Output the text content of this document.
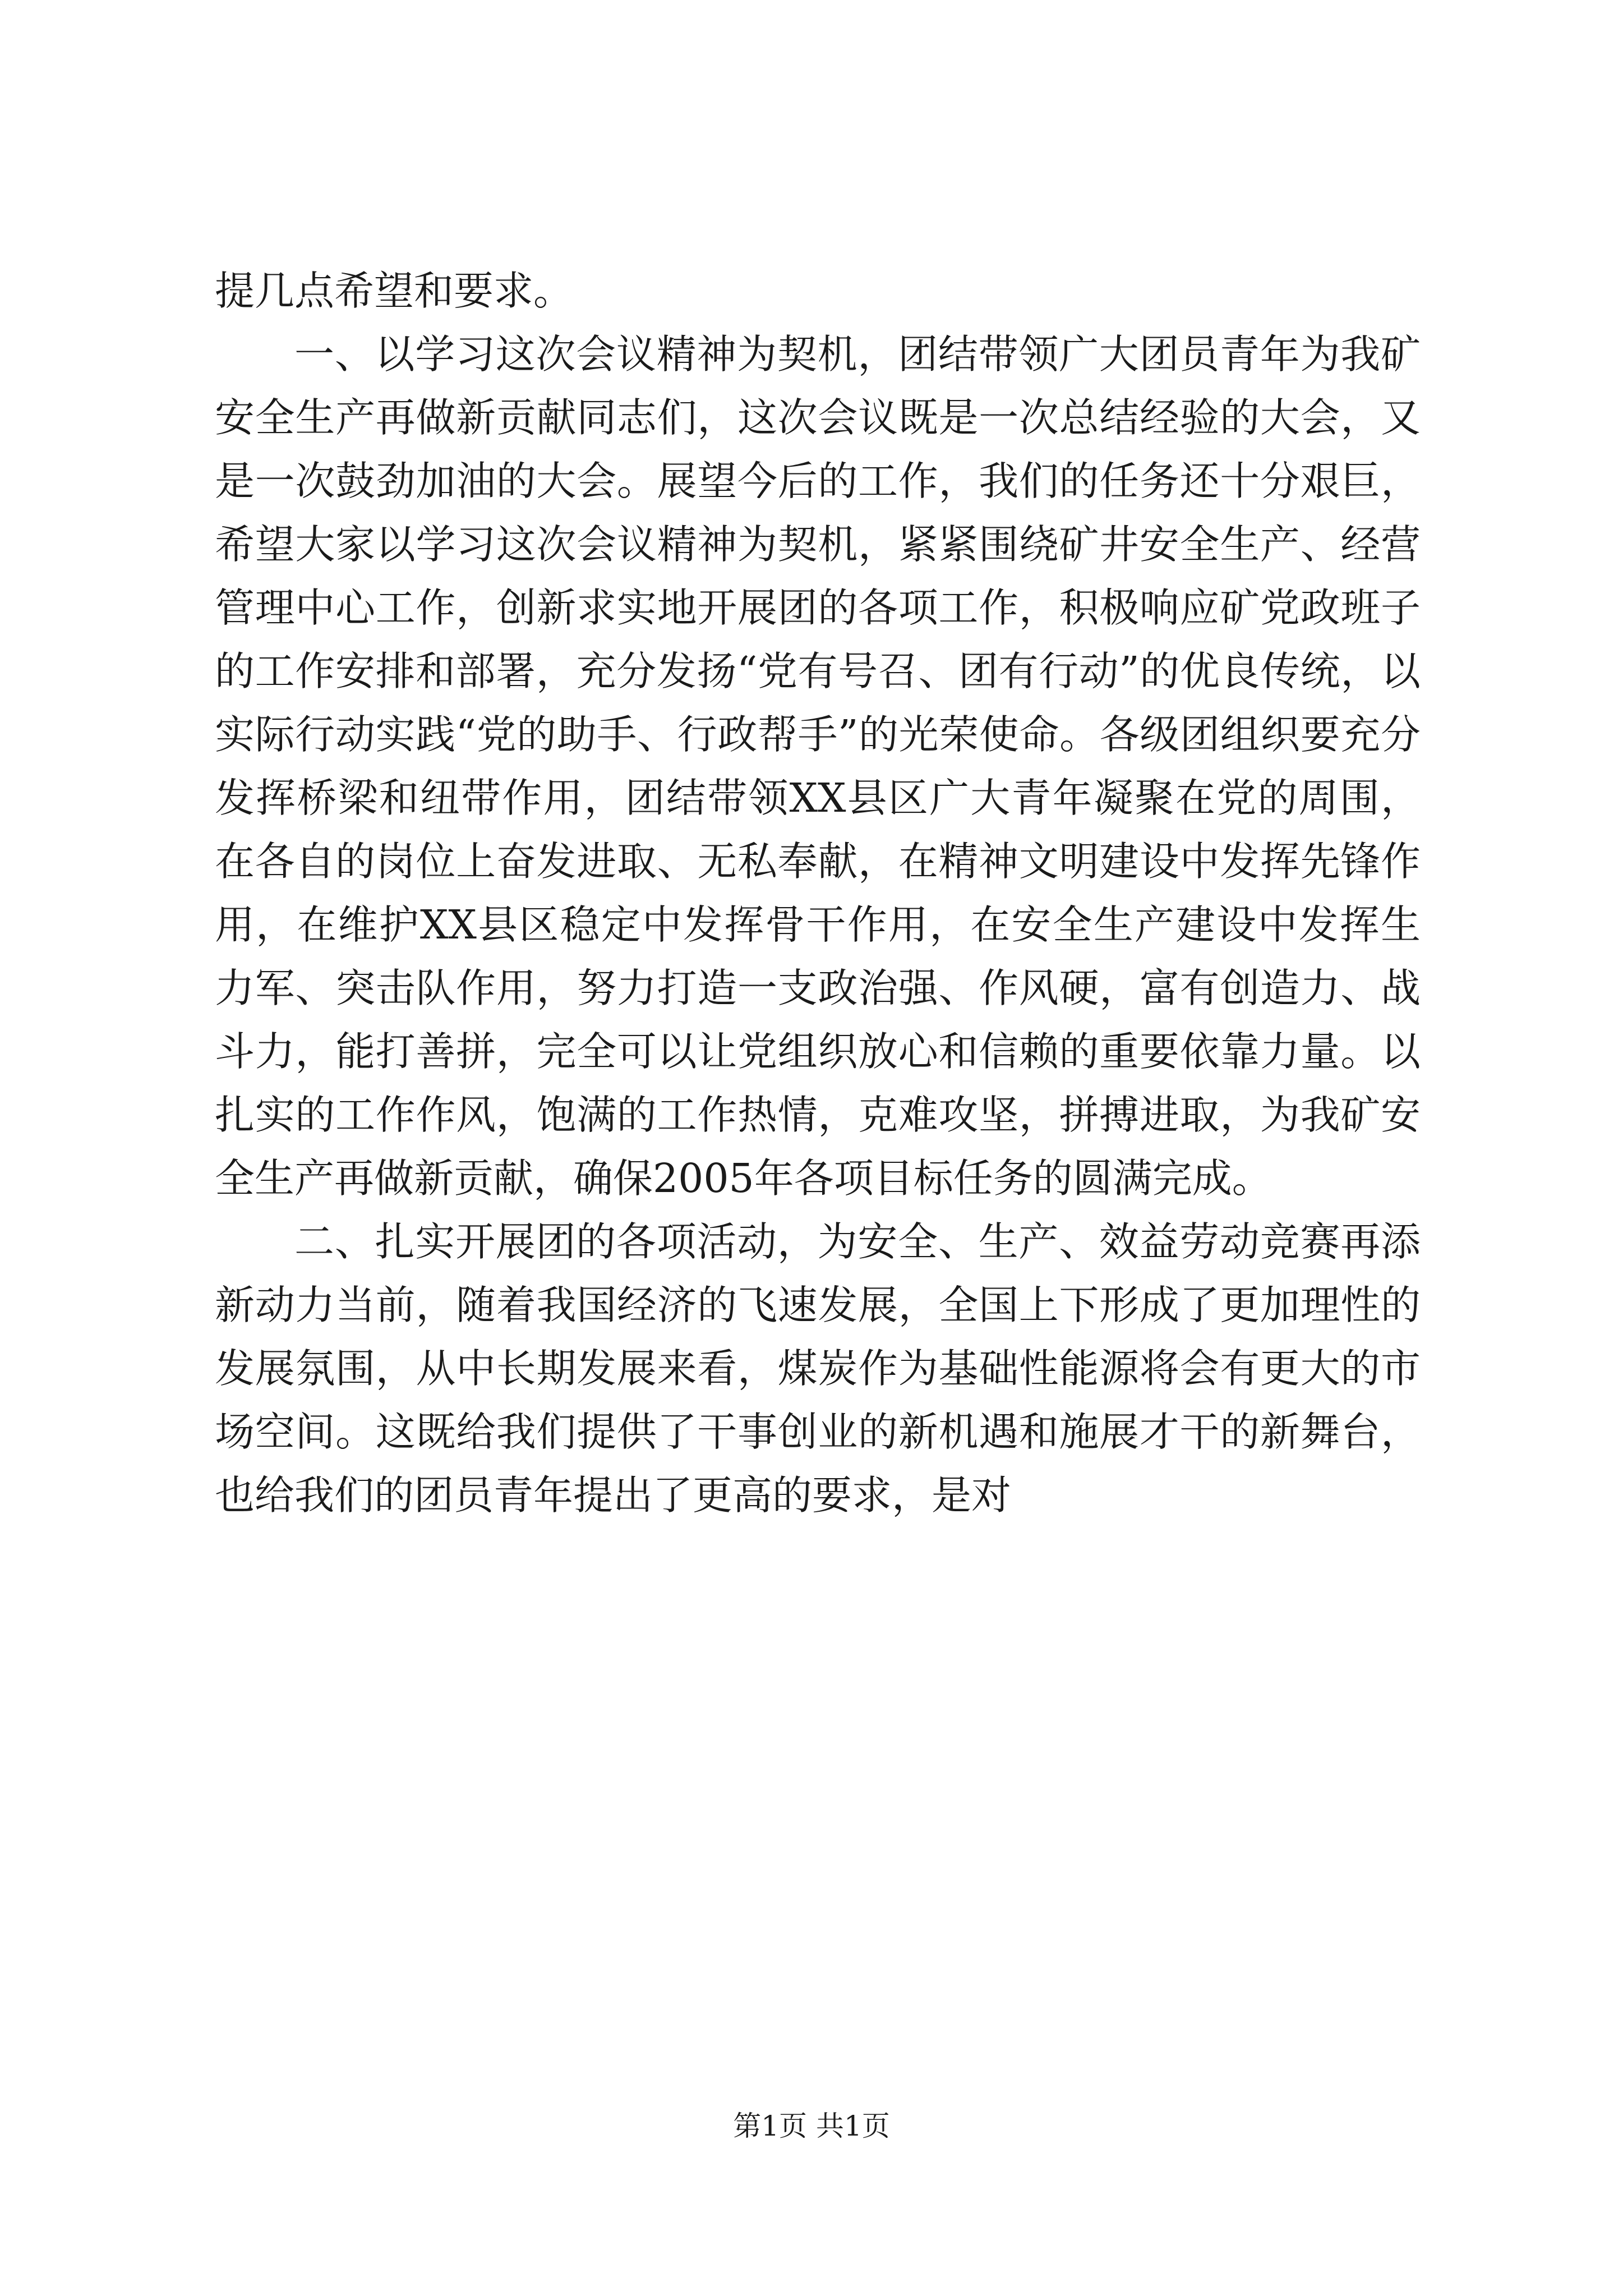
提几点希望和要求。

一、以学习这次会议精神为契机，团结带领广大团员青年为我矿安全生产再做新贡献同志们，这次会议既是一次总结经验的大会，又是一次鼓劲加油的大会。展望今后的工作，我们的任务还十分艰巨，希望大家以学习这次会议精神为契机，紧紧围绕矿井安全生产、经营管理中心工作，创新求实地开展团的各项工作，积极响应矿党政班子的工作安排和部署，充分发扬“党有号召、团有行动”的优良传统，以实际行动实践“党的助手、行政帮手”的光荣使命。各级团组织要充分发挥桥梁和纽带作用，团结带领XX县区广大青年凝聚在党的周围，在各自的岗位上奋发进取、无私奉献，在精神文明建设中发挥先锋作用，在维护XX县区稳定中发挥骨干作用，在安全生产建设中发挥生力军、突击队作用，努力打造一支政治强、作风硬，富有创造力、战斗力，能打善拼，完全可以让党组织放心和信赖的重要依靠力量。以扎实的工作作风，饱满的工作热情，克难攻坚，拼搏进取，为我矿安全生产再做新贡献，确保2005年各项目标任务的圆满完成。

二、扎实开展团的各项活动，为安全、生产、效益劳动竞赛再添新动力当前，随着我国经济的飞速发展，全国上下形成了更加理性的发展氛围，从中长期发展来看，煤炭作为基础性能源将会有更大的市场空间。这既给我们提供了干事创业的新机遇和施展才干的新舞台，也给我们的团员青年提出了更高的要求，是对

第1页 共1页
